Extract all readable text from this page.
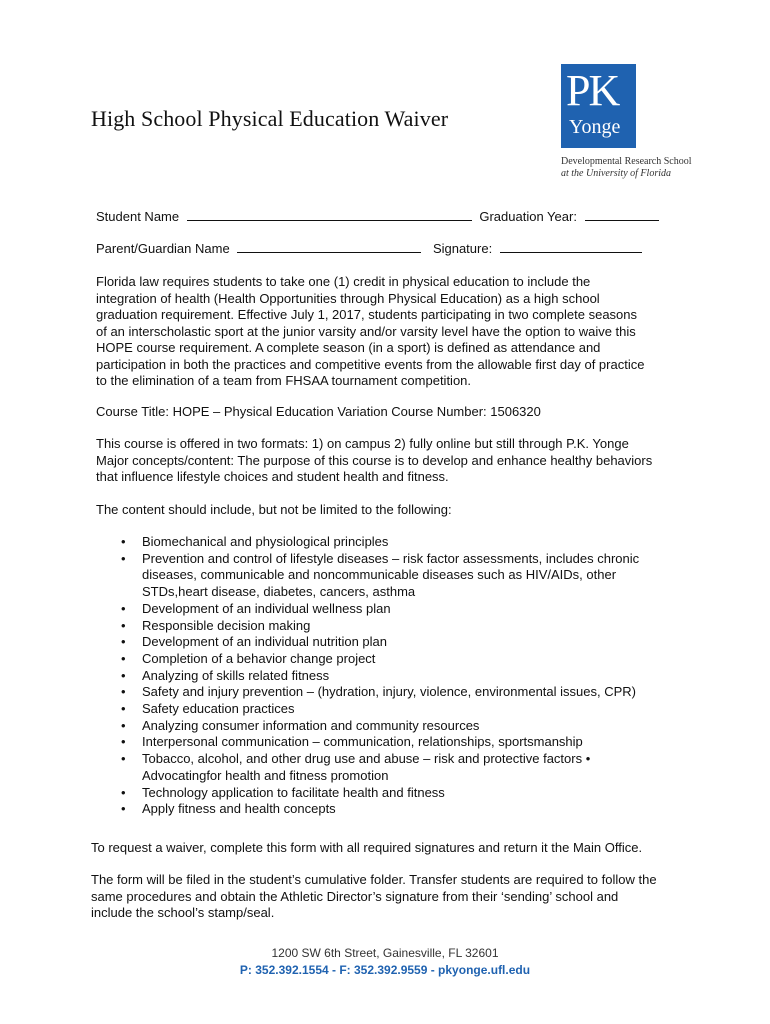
High School Physical Education Waiver
PK
Yonge
Developmental Research School
at the University of Florida
Student Name	Graduation Year:
Parent/Guardian Name	Signature:
Florida law requires students to take one (1) credit in physical education to include the
integration of health (Health Opportunities through Physical Education) as a high school
graduation requirement. Effective July 1, 2017, students participating in two complete seasons
of an interscholastic sport at the junior varsity and/or varsity level have the option to waive this
HOPE course requirement. A complete season (in a sport) is defined as attendance and
participation in both the practices and competitive events from the allowable first day of practice
to the elimination of a team from FHSAA tournament competition.
Course Title: HOPE – Physical Education Variation Course Number: 1506320
This course is offered in two formats: 1) on campus 2) fully online but still through P.K. Yonge
Major concepts/content: The purpose of this course is to develop and enhance healthy behaviors
that influence lifestyle choices and student health and fitness.
The content should include, but not be limited to the following:
• Biomechanical and physiological principles
• Prevention and control of lifestyle diseases – risk factor assessments, includes chronic
diseases, communicable and noncommunicable diseases such as HIV/AIDs, other
STDs,heart disease, diabetes, cancers, asthma
• Development of an individual wellness plan
• Responsible decision making
• Development of an individual nutrition plan
• Completion of a behavior change project
• Analyzing of skills related fitness
• Safety and injury prevention – (hydration, injury, violence, environmental issues, CPR)
• Safety education practices
• Analyzing consumer information and community resources
• Interpersonal communication – communication, relationships, sportsmanship
• Tobacco, alcohol, and other drug use and abuse – risk and protective factors •
Advocatingfor health and fitness promotion
• Technology application to facilitate health and fitness
• Apply fitness and health concepts
To request a waiver, complete this form with all required signatures and return it the Main Office.
The form will be filed in the student’s cumulative folder. Transfer students are required to follow the
same procedures and obtain the Athletic Director’s signature from their ‘sending’ school and
include the school’s stamp/seal.
1200 SW 6th Street, Gainesville, FL 32601
P: 352.392.1554 - F: 352.392.9559 - pkyonge.ufl.edu
